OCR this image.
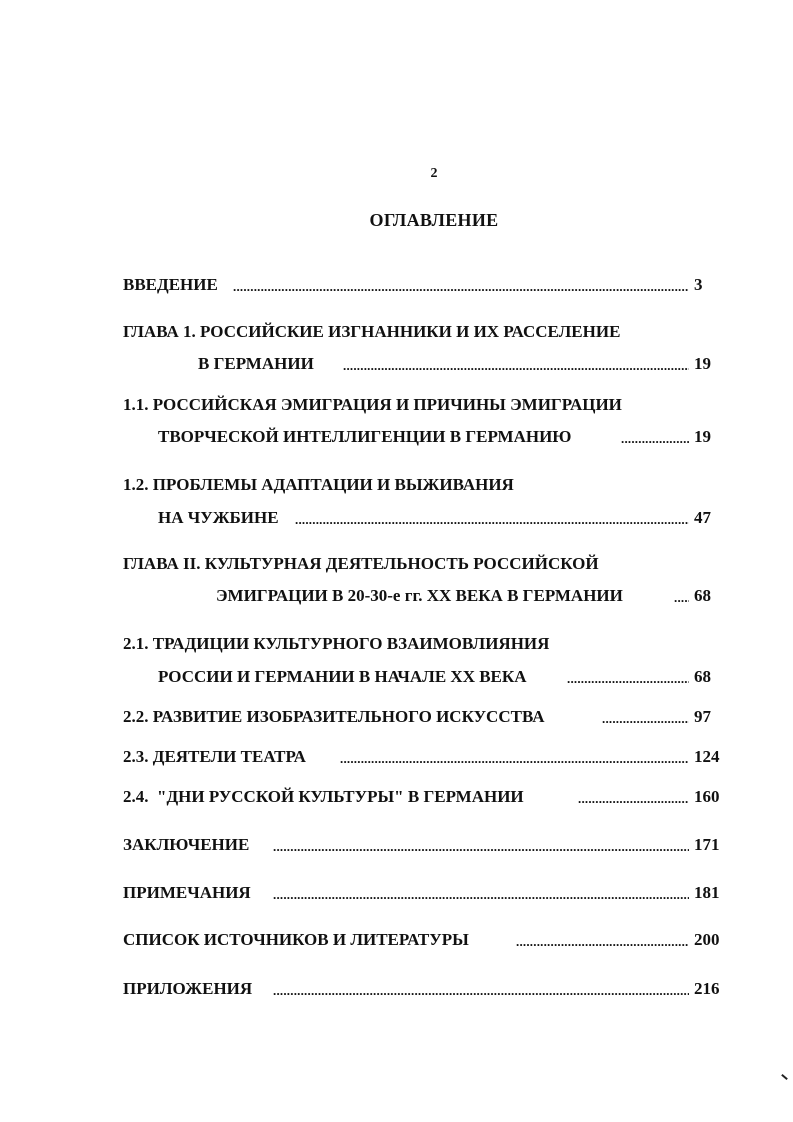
2
ОГЛАВЛЕНИЕ
ВВЕДЕНИЕ .....	3
ГЛАВА 1. РОССИЙСКИЕ ИЗГНАННИКИ И ИХ РАССЕЛЕНИЕ
В ГЕРМАНИИ .....	19
1.1. РОССИЙСКАЯ ЭМИГРАЦИЯ И ПРИЧИНЫ ЭМИГРАЦИИ
ТВОРЧЕСКОЙ ИНТЕЛЛИГЕНЦИИ В ГЕРМАНИЮ .....	19
1.2. ПРОБЛЕМЫ АДАПТАЦИИ И ВЫЖИВАНИЯ
НА ЧУЖБИНЕ .....	47
ГЛАВА II. КУЛЬТУРНАЯ ДЕЯТЕЛЬНОСТЬ РОССИЙСКОЙ
ЭМИГРАЦИИ В 20-30-е гг. XX ВЕКА В ГЕРМАНИИ .....	68
2.1. ТРАДИЦИИ КУЛЬТУРНОГО ВЗАИМОВЛИЯНИЯ
РОССИИ И ГЕРМАНИИ В НАЧАЛЕ XX ВЕКА .....	68
2.2. РАЗВИТИЕ ИЗОБРАЗИТЕЛЬНОГО ИСКУССТВА .....	97
2.3. ДЕЯТЕЛИ ТЕАТРА .....	124
2.4.  "ДНИ РУССКОЙ КУЛЬТУРЫ" В ГЕРМАНИИ .....	160
ЗАКЛЮЧЕНИЕ .....	171
ПРИМЕЧАНИЯ .....	181
СПИСОК ИСТОЧНИКОВ И ЛИТЕРАТУРЫ .....	200
ПРИЛОЖЕНИЯ .....	216
